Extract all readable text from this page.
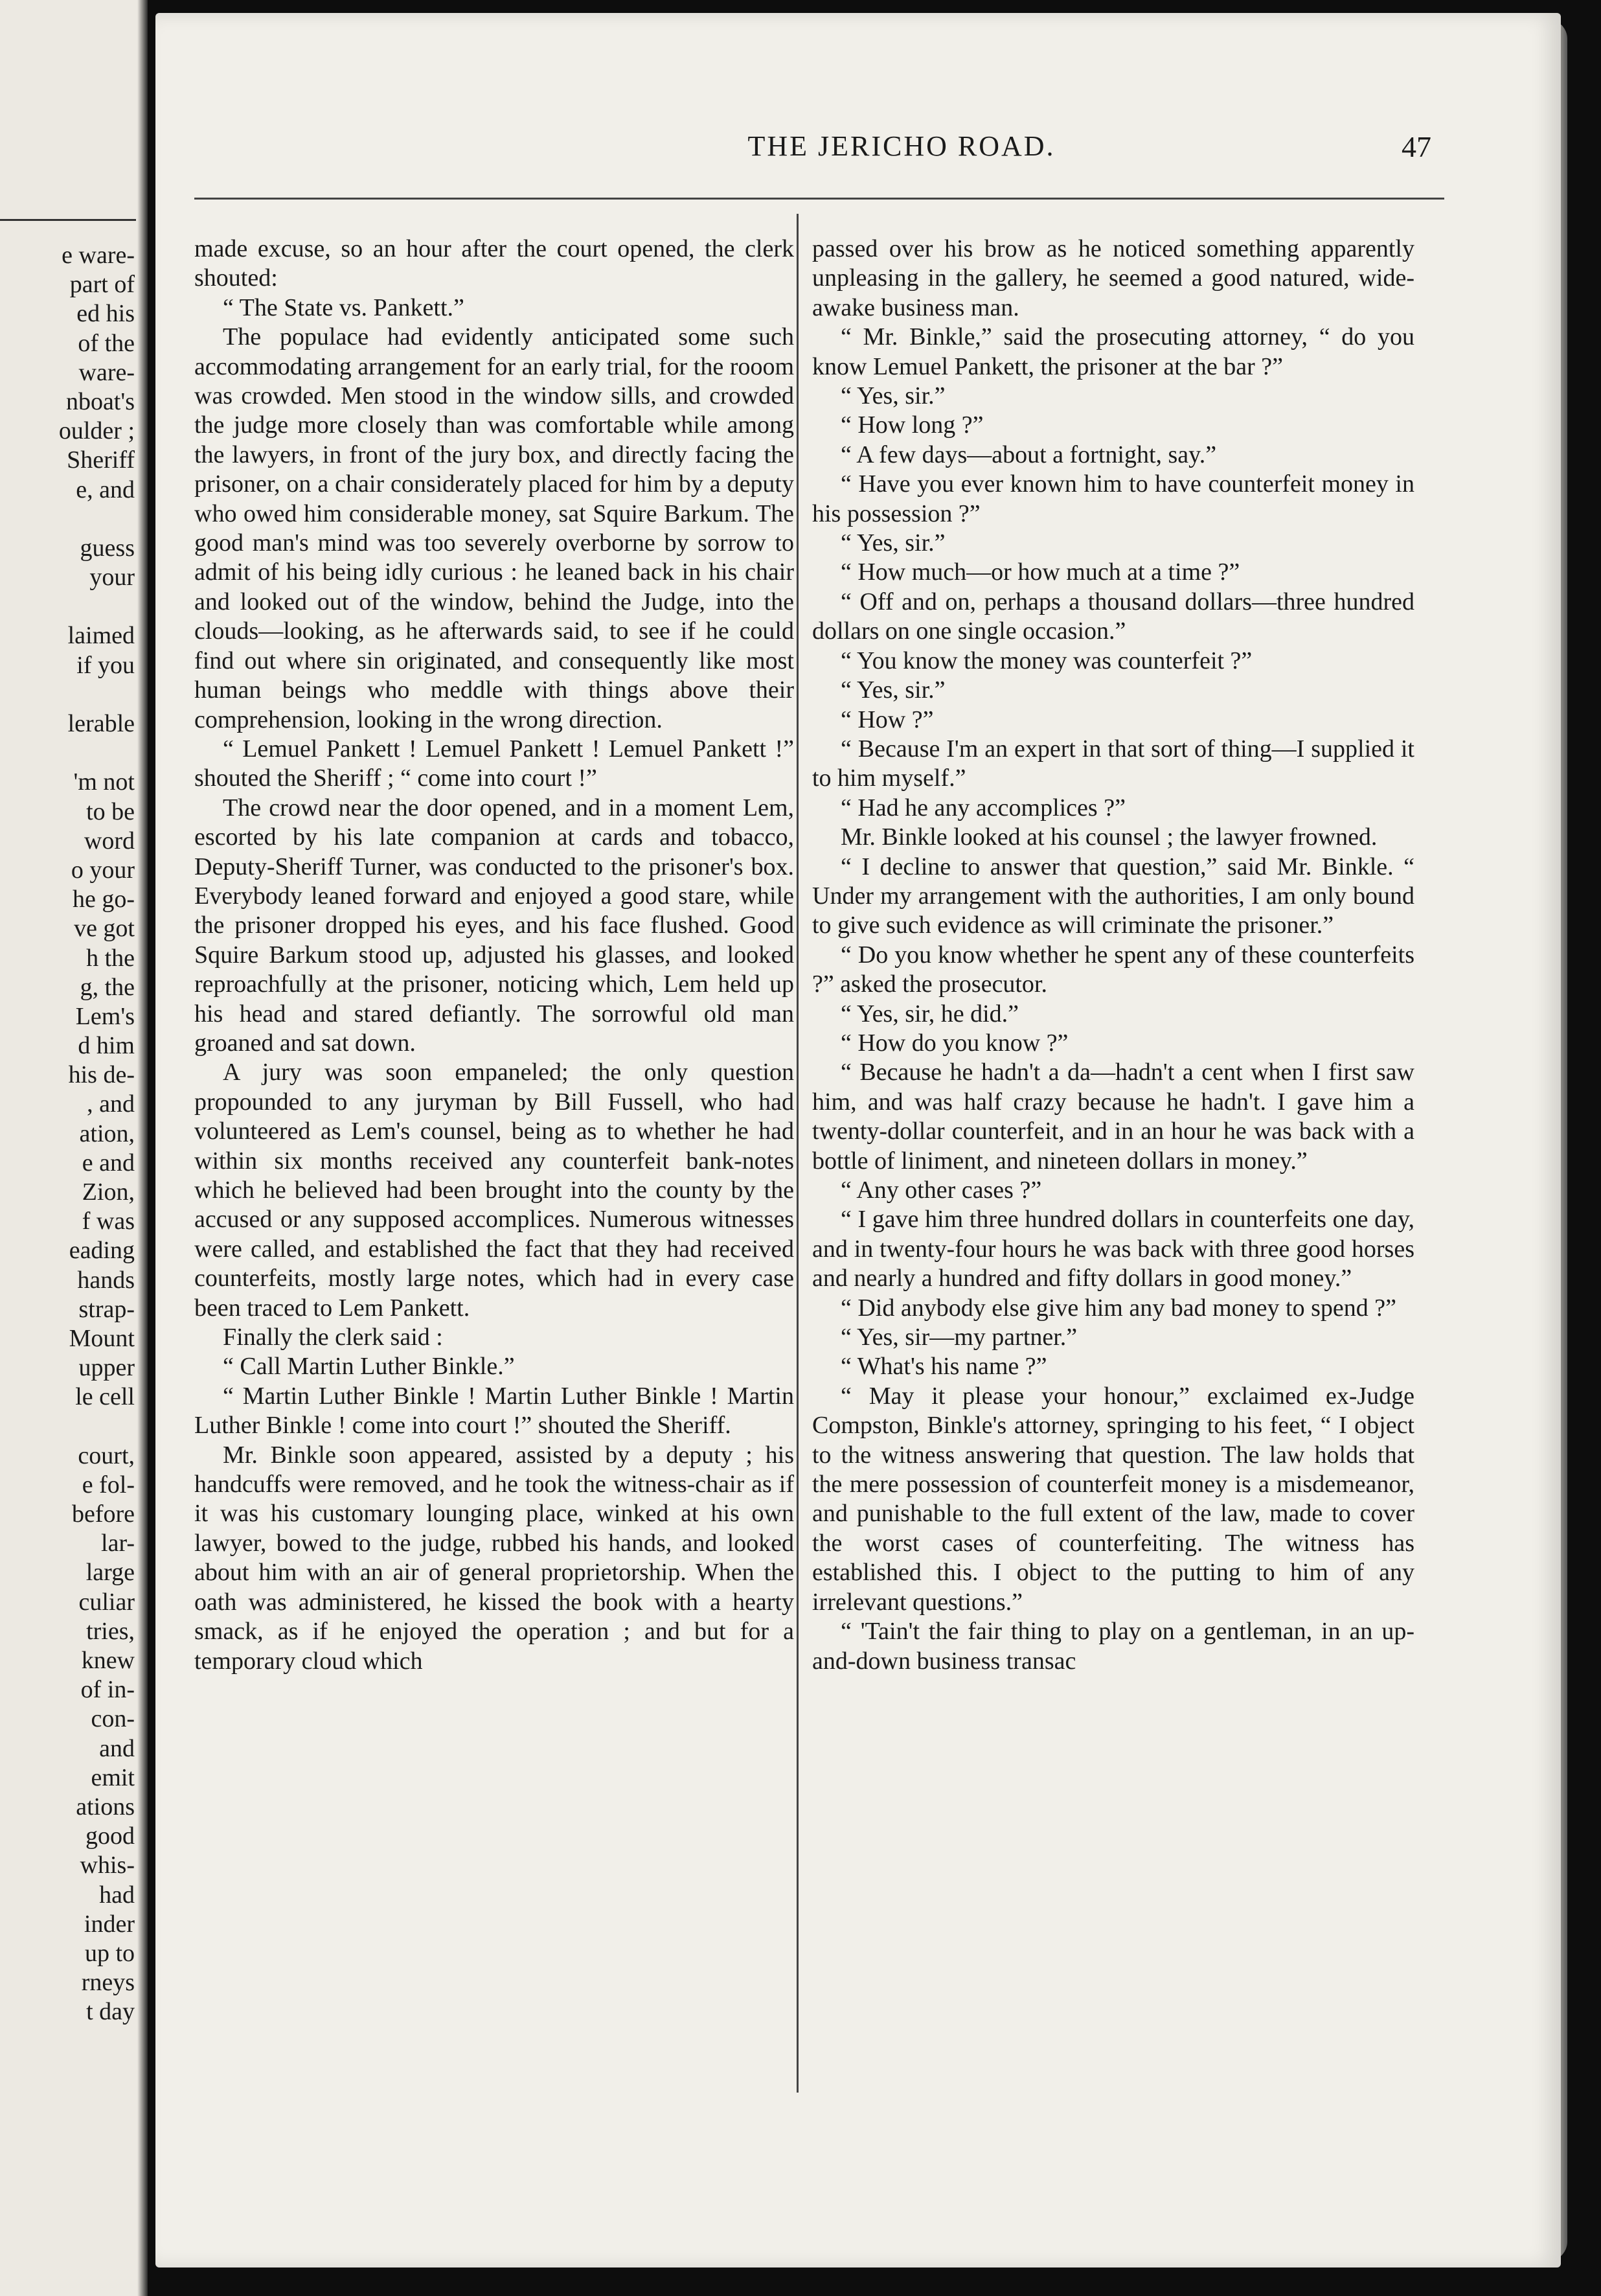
e ware-
part of
ed his
of the
ware-
nboat's
oulder ;
Sheriff
e, and
guess
your
laimed
if you
lerable
'm not
to be
word
o your
he go-
ve got
h the
g, the
Lem's
d him
his de-
, and
ation,
e and
Zion,
f was
eading
hands
strap-
Mount
upper
le cell
court,
e fol-
before
lar-
large
culiar
tries,
knew
of in-
con-
and
emit
ations
good
whis-
had
inder
up to
rneys
t day
THE JERICHO ROAD.	47

made excuse, so an hour after the court opened, the clerk shouted:

“ The State vs. Pankett.”

The populace had evidently anticipated some such accommodating arrangement for an early trial, for the rooom was crowded. Men stood in the window sills, and crowded the judge more closely than was comfortable while among the lawyers, in front of the jury box, and directly facing the prisoner, on a chair considerately placed for him by a deputy who owed him considerable money, sat Squire Barkum. The good man's mind was too severely overborne by sorrow to admit of his being idly curious : he leaned back in his chair and looked out of the window, behind the Judge, into the clouds—looking, as he afterwards said, to see if he could find out where sin originated, and consequently like most human beings who meddle with things above their comprehension, looking in the wrong direction.

“ Lemuel Pankett ! Lemuel Pankett ! Lemuel Pankett !” shouted the Sheriff ; “ come into court !”

The crowd near the door opened, and in a moment Lem, escorted by his late companion at cards and tobacco, Deputy-Sheriff Turner, was conducted to the prisoner's box. Everybody leaned forward and enjoyed a good stare, while the prisoner dropped his eyes, and his face flushed. Good Squire Barkum stood up, adjusted his glasses, and looked reproachfully at the prisoner, noticing which, Lem held up his head and stared defiantly. The sorrowful old man groaned and sat down.

A jury was soon empaneled; the only question propounded to any juryman by Bill Fussell, who had volunteered as Lem's counsel, being as to whether he had within six months received any counterfeit bank-notes which he believed had been brought into the county by the accused or any supposed accomplices. Numerous witnesses were called, and established the fact that they had received counterfeits, mostly large notes, which had in every case been traced to Lem Pankett.

Finally the clerk said :

“ Call Martin Luther Binkle.”

“ Martin Luther Binkle ! Martin Luther Binkle ! Martin Luther Binkle ! come into court !” shouted the Sheriff.

Mr. Binkle soon appeared, assisted by a deputy ; his handcuffs were removed, and he took the witness-chair as if it was his customary lounging place, winked at his own lawyer, bowed to the judge, rubbed his hands, and looked about him with an air of general proprietorship. When the oath was administered, he kissed the book with a hearty smack, as if he enjoyed the operation ; and but for a temporary cloud which

passed over his brow as he noticed something apparently unpleasing in the gallery, he seemed a good natured, wide-awake business man.

“ Mr. Binkle,” said the prosecuting attorney, “ do you know Lemuel Pankett, the prisoner at the bar ?”

“ Yes, sir.”

“ How long ?”

“ A few days—about a fortnight, say.”

“ Have you ever known him to have counterfeit money in his possession ?”

“ Yes, sir.”

“ How much—or how much at a time ?”

“ Off and on, perhaps a thousand dollars—three hundred dollars on one single occasion.”

“ You know the money was counterfeit ?”

“ Yes, sir.”

“ How ?”

“ Because I'm an expert in that sort of thing—I supplied it to him myself.”

“ Had he any accomplices ?”

Mr. Binkle looked at his counsel ; the lawyer frowned.

“ I decline to answer that question,” said Mr. Binkle. “ Under my arrangement with the authorities, I am only bound to give such evidence as will criminate the prisoner.”

“ Do you know whether he spent any of these counterfeits ?” asked the prosecutor.

“ Yes, sir, he did.”

“ How do you know ?”

“ Because he hadn't a da—hadn't a cent when I first saw him, and was half crazy because he hadn't. I gave him a twenty-dollar counterfeit, and in an hour he was back with a bottle of liniment, and nineteen dollars in money.”

“ Any other cases ?”

“ I gave him three hundred dollars in counterfeits one day, and in twenty-four hours he was back with three good horses and nearly a hundred and fifty dollars in good money.”

“ Did anybody else give him any bad money to spend ?”

“ Yes, sir—my partner.”

“ What's his name ?”

“ May it please your honour,” exclaimed ex-Judge Compston, Binkle's attorney, springing to his feet, “ I object to the witness answering that question. The law holds that the mere possession of counterfeit money is a misdemeanor, and punishable to the full extent of the law, made to cover the worst cases of counterfeiting. The witness has established this. I object to the putting to him of any irrelevant questions.”

“ 'Tain't the fair thing to play on a gentleman, in an up-and-down business transac
